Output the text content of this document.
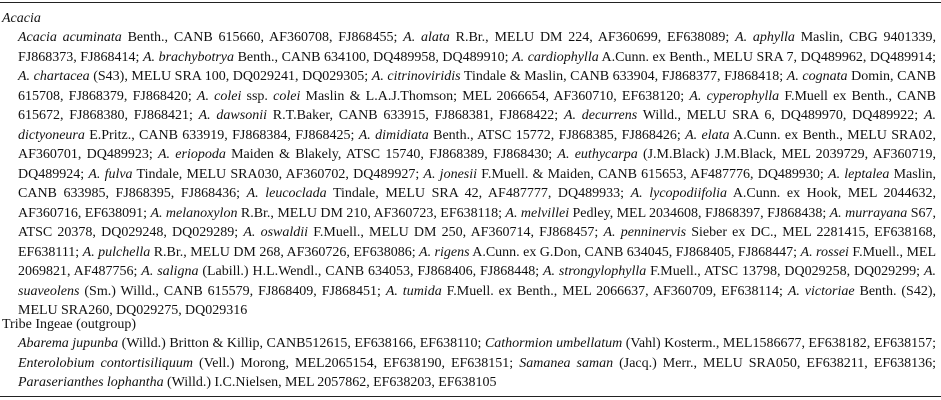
Acacia

Acacia acuminata Benth., CANB 615660, AF360708, FJ868455; A. alata R.Br., MELU DM 224, AF360699, EF638089; A. aphylla Maslin, CBG 9401339, FJ868373, FJ868414; A. brachybotrya Benth., CANB 634100, DQ489958, DQ489910; A. cardiophylla A.Cunn. ex Benth., MELU SRA 7, DQ489962, DQ489914; A. chartacea (S43), MELU SRA 100, DQ029241, DQ029305; A. citrinoviridis Tindale & Maslin, CANB 633904, FJ868377, FJ868418; A. cognata Domin, CANB 615708, FJ868379, FJ868420; A. colei ssp. colei Maslin & L.A.J.Thomson; MEL 2066654, AF360710, EF638120; A. cyperophylla F.Muell ex Benth., CANB 615672, FJ868380, FJ868421; A. dawsonii R.T.Baker, CANB 633915, FJ868381, FJ868422; A. decurrens Willd., MELU SRA 6, DQ489970, DQ489922; A. dictyoneura E.Pritz., CANB 633919, FJ868384, FJ868425; A. dimidiata Benth., ATSC 15772, FJ868385, FJ868426; A. elata A.Cunn. ex Benth., MELU SRA02, AF360701, DQ489923; A. eriopoda Maiden & Blakely, ATSC 15740, FJ868389, FJ868430; A. euthycarpa (J.M.Black) J.M.Black, MEL 2039729, AF360719, DQ489924; A. fulva Tindale, MELU SRA030, AF360702, DQ489927; A. jonesii F.Muell. & Maiden, CANB 615653, AF487776, DQ489930; A. leptalea Maslin, CANB 633985, FJ868395, FJ868436; A. leucoclada Tindale, MELU SRA 42, AF487777, DQ489933; A. lycopodiifolia A.Cunn. ex Hook, MEL 2044632, AF360716, EF638091; A. melanoxylon R.Br., MELU DM 210, AF360723, EF638118; A. melvillei Pedley, MEL 2034608, FJ868397, FJ868438; A. murrayana S67, ATSC 20378, DQ029248, DQ029289; A. oswaldii F.Muell., MELU DM 250, AF360714, FJ868457; A. penninervis Sieber ex DC., MEL 2281415, EF638168, EF638111; A. pulchella R.Br., MELU DM 268, AF360726, EF638086; A. rigens A.Cunn. ex G.Don, CANB 634045, FJ868405, FJ868447; A. rossei F.Muell., MEL 2069821, AF487756; A. saligna (Labill.) H.L.Wendl., CANB 634053, FJ868406, FJ868448; A. strongylophylla F.Muell., ATSC 13798, DQ029258, DQ029299; A. suaveolens (Sm.) Willd., CANB 615579, FJ868409, FJ868451; A. tumida F.Muell. ex Benth., MEL 2066637, AF360709, EF638114; A. victoriae Benth. (S42), MELU SRA260, DQ029275, DQ029316

Tribe Ingeae (outgroup)

Abarema jupunba (Willd.) Britton & Killip, CANB512615, EF638166, EF638110; Cathormion umbellatum (Vahl) Kosterm., MEL1586677, EF638182, EF638157; Enterolobium contortisiliquum (Vell.) Morong, MEL2065154, EF638190, EF638151; Samanea saman (Jacq.) Merr., MELU SRA050, EF638211, EF638136; Paraserianthes lophantha (Willd.) I.C.Nielsen, MEL 2057862, EF638203, EF638105
